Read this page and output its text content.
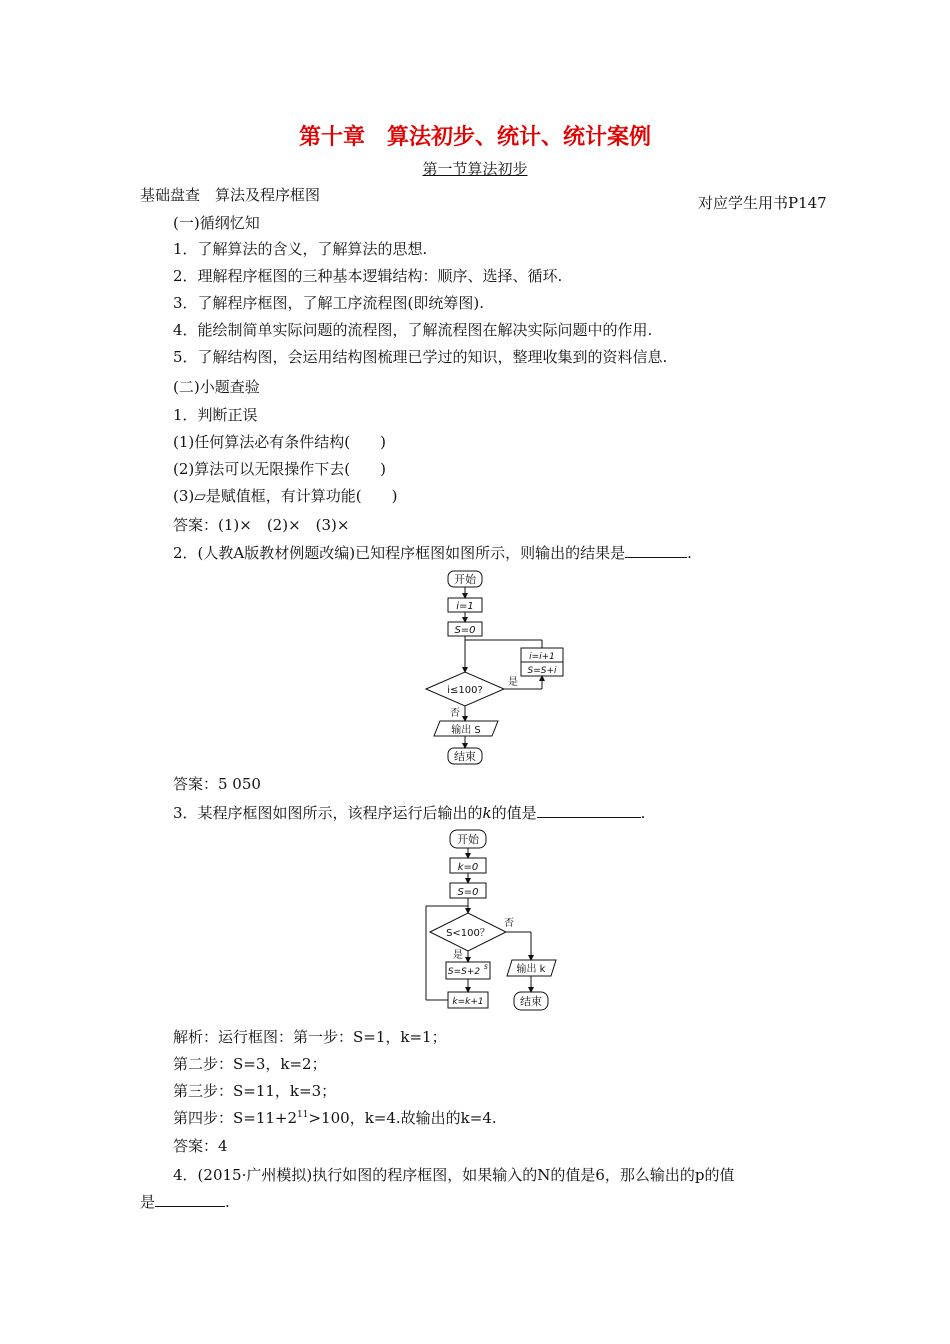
第十章　算法初步、统计、统计案例
第一节算法初步
基础盘查　算法及程序框图	对应学生用书P147
(一)循纲忆知
1．了解算法的含义，了解算法的思想.
2．理解程序框图的三种基本逻辑结构：顺序、选择、循环.
3．了解程序框图，了解工序流程图(即统筹图).
4．能绘制简单实际问题的流程图，了解流程图在解决实际问题中的作用.
5．了解结构图，会运用结构图梳理已学过的知识，整理收集到的资料信息.
(二)小题查验
1．判断正误
(1)任何算法必有条件结构(　　)
(2)算法可以无限操作下去(　　)
(3)▱是赋值框，有计算功能(　　)
答案：(1)×　(2)×　(3)×
2．(人教A版教材例题改编)已知程序框图如图所示，则输出的结果是	.
开始
i=1
S=0
i≤100?
是
否
i=i+1
S=S+i
输出 S
结束
答案：5 050
3．某程序框图如图所示，该程序运行后输出的k的值是	.
开始
k=0
S=0
S<100？
否
是
S=S+2 S
k=k+1
输出 k
结束
解析：运行框图：第一步：S=1，k=1；
第二步：S=3，k=2；
第三步：S=11，k=3；
第四步：$S=11+2^{11}>100$，k=4.故输出的k=4.
答案：4
4．(2015·广州模拟)执行如图的程序框图，如果输入的N的值是6，那么输出的p的值
是	.
